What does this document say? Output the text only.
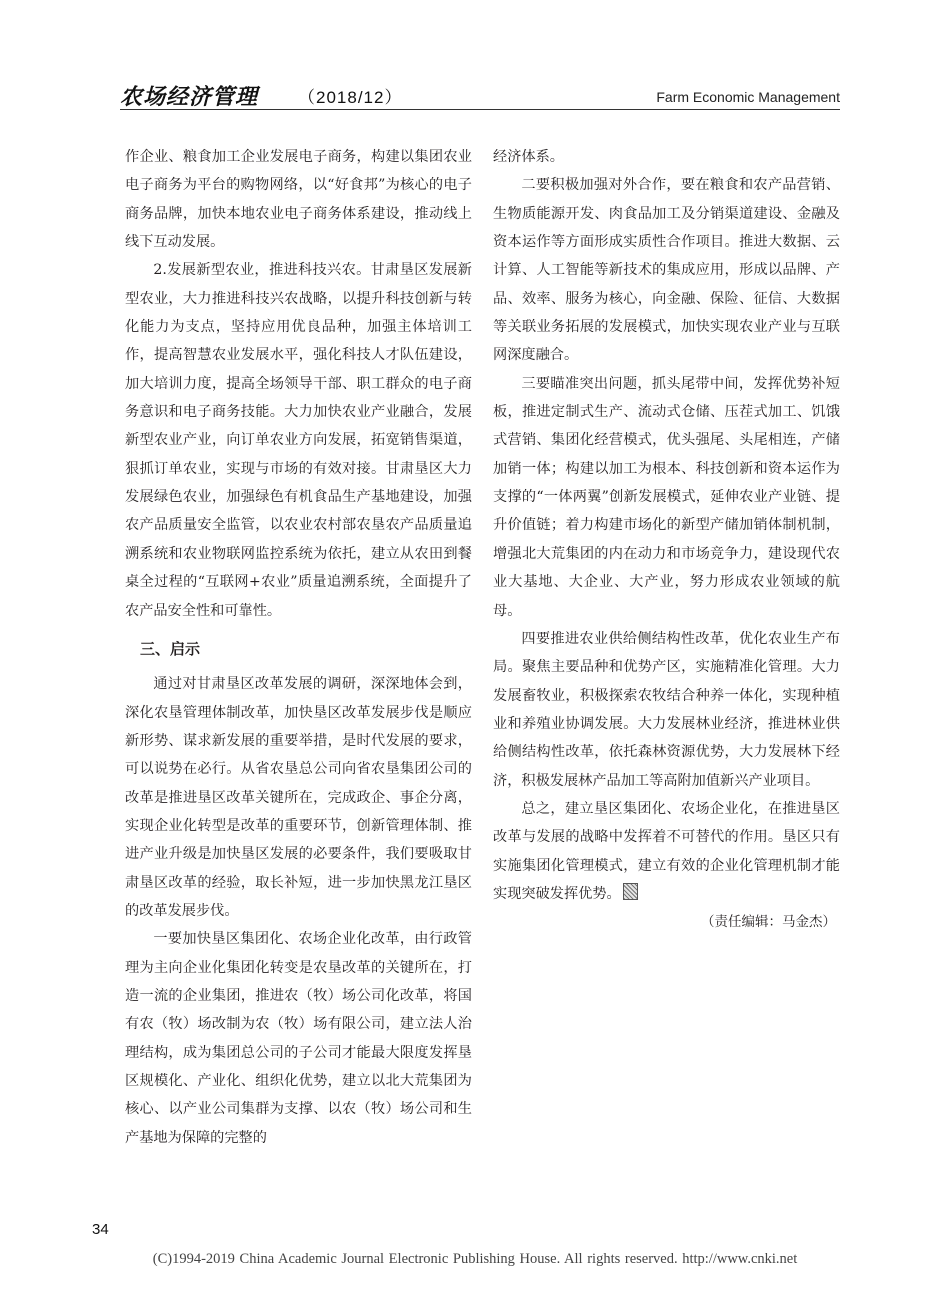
农场经济管理 （2018/12）	Farm Economic Management

作企业、粮食加工企业发展电子商务，构建以集团农业电子商务为平台的购物网络，以“好食邦”为核心的电子商务品牌，加快本地农业电子商务体系建设，推动线上线下互动发展。

2.发展新型农业，推进科技兴农。甘肃垦区发展新型农业，大力推进科技兴农战略，以提升科技创新与转化能力为支点，坚持应用优良品种，加强主体培训工作，提高智慧农业发展水平，强化科技人才队伍建设，加大培训力度，提高全场领导干部、职工群众的电子商务意识和电子商务技能。大力加快农业产业融合，发展新型农业产业，向订单农业方向发展，拓宽销售渠道，狠抓订单农业，实现与市场的有效对接。甘肃垦区大力发展绿色农业，加强绿色有机食品生产基地建设，加强农产品质量安全监管，以农业农村部农垦农产品质量追溯系统和农业物联网监控系统为依托，建立从农田到餐桌全过程的“互联网+农业”质量追溯系统，全面提升了农产品安全性和可靠性。

三、启示

通过对甘肃垦区改革发展的调研，深深地体会到，深化农垦管理体制改革，加快垦区改革发展步伐是顺应新形势、谋求新发展的重要举措，是时代发展的要求，可以说势在必行。从省农垦总公司向省农垦集团公司的改革是推进垦区改革关键所在，完成政企、事企分离，实现企业化转型是改革的重要环节，创新管理体制、推进产业升级是加快垦区发展的必要条件，我们要吸取甘肃垦区改革的经验，取长补短，进一步加快黑龙江垦区的改革发展步伐。

一要加快垦区集团化、农场企业化改革，由行政管理为主向企业化集团化转变是农垦改革的关键所在，打造一流的企业集团，推进农（牧）场公司化改革，将国有农（牧）场改制为农（牧）场有限公司，建立法人治理结构，成为集团总公司的子公司才能最大限度发挥垦区规模化、产业化、组织化优势，建立以北大荒集团为核心、以产业公司集群为支撑、以农（牧）场公司和生产基地为保障的完整的

经济体系。

二要积极加强对外合作，要在粮食和农产品营销、生物质能源开发、肉食品加工及分销渠道建设、金融及资本运作等方面形成实质性合作项目。推进大数据、云计算、人工智能等新技术的集成应用，形成以品牌、产品、效率、服务为核心，向金融、保险、征信、大数据等关联业务拓展的发展模式，加快实现农业产业与互联网深度融合。

三要瞄准突出问题，抓头尾带中间，发挥优势补短板，推进定制式生产、流动式仓储、压茬式加工、饥饿式营销、集团化经营模式，优头强尾、头尾相连，产储加销一体；构建以加工为根本、科技创新和资本运作为支撑的“一体两翼”创新发展模式，延伸农业产业链、提升价值链；着力构建市场化的新型产储加销体制机制，增强北大荒集团的内在动力和市场竞争力，建设现代农业大基地、大企业、大产业，努力形成农业领域的航母。

四要推进农业供给侧结构性改革，优化农业生产布局。聚焦主要品种和优势产区，实施精准化管理。大力发展畜牧业，积极探索农牧结合种养一体化，实现种植业和养殖业协调发展。大力发展林业经济，推进林业供给侧结构性改革，依托森林资源优势，大力发展林下经济，积极发展林产品加工等高附加值新兴产业项目。

总之，建立垦区集团化、农场企业化，在推进垦区改革与发展的战略中发挥着不可替代的作用。垦区只有实施集团化管理模式，建立有效的企业化管理机制才能实现突破发挥优势。

（责任编辑：马金杰）

34
(C)1994-2019 China Academic Journal Electronic Publishing House. All rights reserved. http://www.cnki.net
